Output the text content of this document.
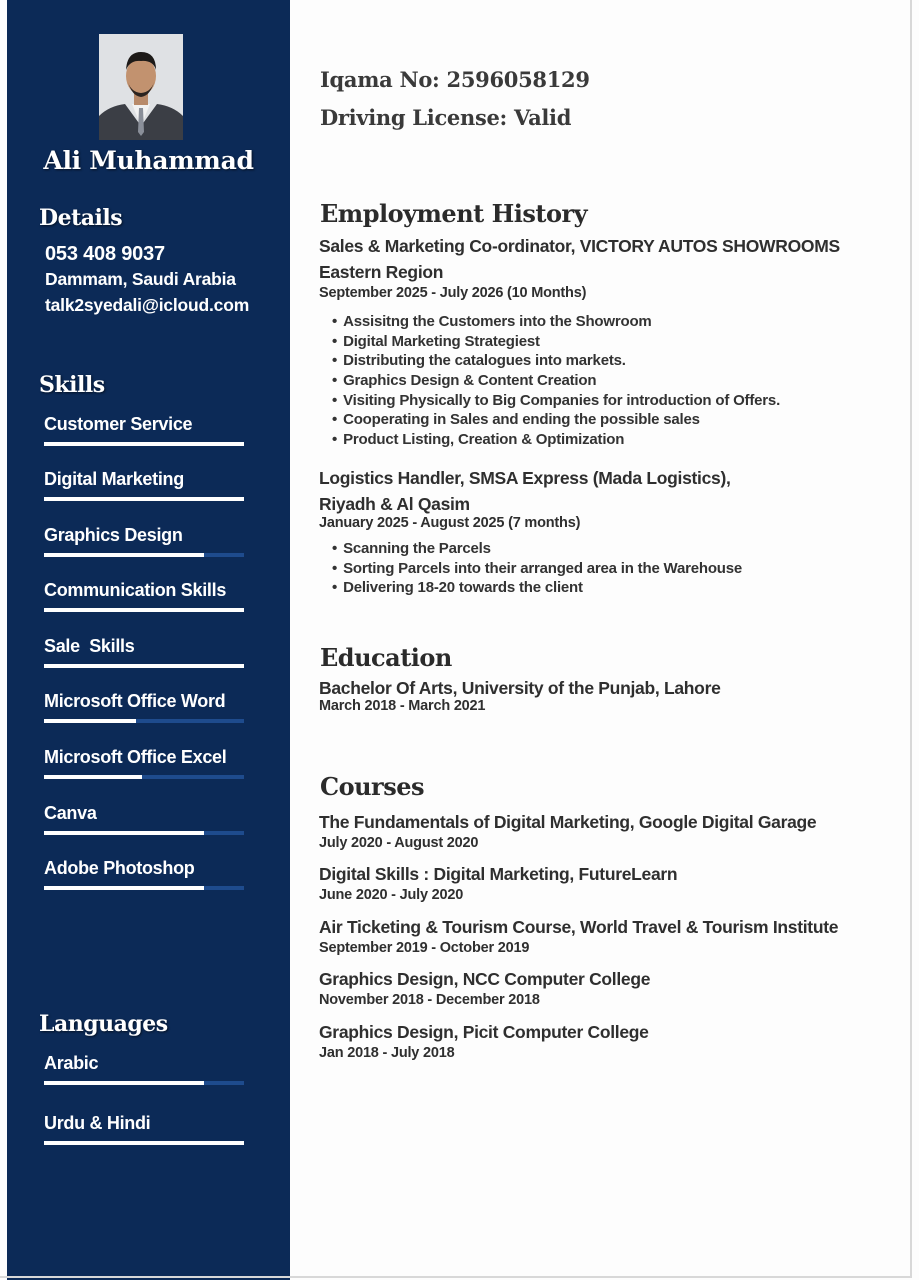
Ali Muhammad
Details
053 408 9037
Dammam, Saudi Arabia
talk2syedali@icloud.com
Skills
Customer Service
Digital Marketing
Graphics Design
Communication Skills
Sale  Skills
Microsoft Office Word
Microsoft Office Excel
Canva
Adobe Photoshop
Languages
Arabic
Urdu & Hindi
Iqama No: 2596058129
Driving License: Valid
Employment History
Sales & Marketing Co-ordinator, VICTORY AUTOS SHOWROOMS
Eastern Region
September 2025 - July 2026 (10 Months)
• Assisitng the Customers into the Showroom
• Digital Marketing Strategiest
• Distributing the catalogues into markets.
• Graphics Design & Content Creation
• Visiting Physically to Big Companies for introduction of Offers.
• Cooperating in Sales and ending the possible sales
• Product Listing, Creation & Optimization
Logistics Handler, SMSA Express (Mada Logistics),
Riyadh & Al Qasim
January 2025 - August 2025 (7 months)
• Scanning the Parcels
• Sorting Parcels into their arranged area in the Warehouse
• Delivering 18-20 towards the client
Education
Bachelor Of Arts, University of the Punjab, Lahore
March 2018 - March 2021
Courses
The Fundamentals of Digital Marketing, Google Digital Garage
July 2020 - August 2020
Digital Skills : Digital Marketing, FutureLearn
June 2020 - July 2020
Air Ticketing & Tourism Course, World Travel & Tourism Institute
September 2019 - October 2019
Graphics Design, NCC Computer College
November 2018 - December 2018
Graphics Design, Picit Computer College
Jan 2018 - July 2018
